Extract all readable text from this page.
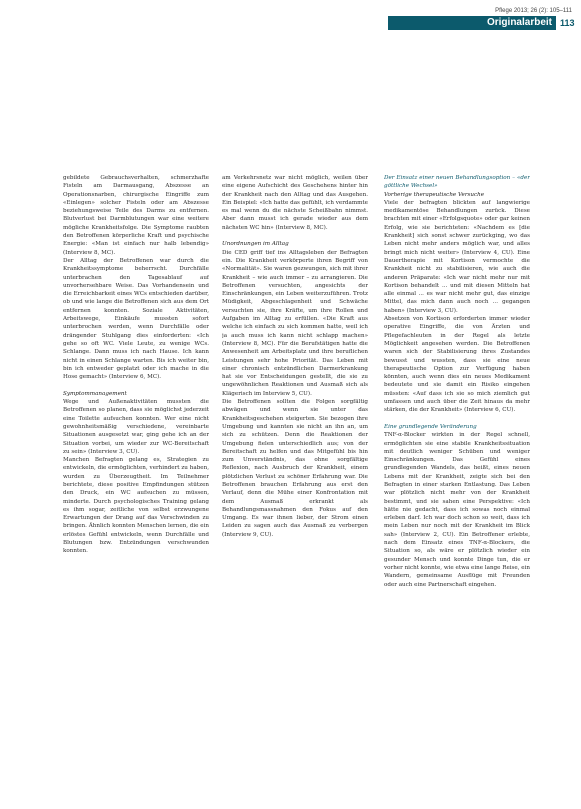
Pflege 2013; 26 (2): 105–111
Originalarbeit 113

gebildete Gebrauchsverhalten, schmerzhafte Fisteln am Darmausgang, Abszesse an Operationsnarben, chirurgische Eingriffe zum «Einlegen» solcher Fisteln oder am Abszesse beziehungsweise Teile des Darms zu entfernen. Blutverlust bei Darmblutungen war eine weitere mögliche Krankheitsfolge. Die Symptome raubten den Betroffenen körperliche Kraft und psychische Energie: «Man ist einfach nur halb lebendig» (Interview 8, MC).

Der Alltag der Betroffenen war durch die Krankheitssymptome beherrscht. Durchfälle unterbrachen den Tagesablauf auf unvorhersehbare Weise. Das Vorhandensein und die Erreichbarkeit eines WCs entschieden darüber, ob und wie lange die Betroffenen sich aus dem Ort entfernen konnten. Soziale Aktivitäten, Arbeitswege, Einkäufe mussten sofort unterbrochen werden, wenn Durchfälle oder drängender Stuhlgang dies einforderten: «Ich gehe so oft WC. Viele Leute, zu wenige WCs. Schlange. Dann muss ich nach Hause. Ich kann nicht in einen Schlange warten. Bis ich weiter bin, bin ich entweder geplatzt oder ich mache in die Hose gemacht» (Interview 6, MC).

Symptommanagement

Wege und Außenaktivitäten mussten die Betroffenen so planen, dass sie möglichst jederzeit eine Toilette aufsuchen konnten. Wer eine nicht gewohnheitsmäßig verschiedene, vereinbarte Situationen ausgesetzt war, ging gehe ich an der Situation vorbei, um wieder zur WC-Bereitschaft zu sein» (Interview 3, CU).

Manchen Befragten gelang es, Strategien zu entwickeln, die ermöglichten, verhindert zu haben, wurden zu Überzeugtheit. Im Teilnehmer berichtete, diese positive Empfindungen stützen den Druck, ein WC aufsuchen zu müssen, minderte. Durch psychologisches Training gelang es ihm sogar, zeitliche von selbst erzwungene Erwartungen der Drang auf das Verschwinden zu bringen. Ähnlich konnten Menschen lernen, die ein erlöstes Gefühl entwickeln, wenn Durchfälle und Blutungen bzw. Entzündungen verschwunden konnten.

am Verkehrsnetz war nicht möglich, weilen über eine eigene Aufschicht des Geschehens hinter hin der Krankheit nach den Alltag und das Ausgehen. Ein Beispiel: «Ich hatte das gefühlt, ich verdammte es mal wenn du die nächste Scheißbahn nimmst. Aber dann musst ich gerade wieder aus dem nächsten WC hin» (Interview 8, MC).

Unordnungen im Alltag

Die CED griff tief ins Alltagsleben der Befragten ein. Die Krankheit verkörperte ihren Begriff von «Normalität». Sie waren gezwungen, sich mit ihrer Krankheit – wie auch immer – zu arrangieren. Die Betroffenen versuchten, angesichts der Einschränkungen, ein Leben weiterzuführen. Trotz Müdigkeit, Abgeschlagenheit und Schwäche versuchten sie, ihre Kräfte, um ihre Rollen und Aufgaben im Alltag zu erfüllen. «Die Kraft aus welche ich einfach zu sich kommen hatte, weil ich ja auch muss ich kann nicht schlapp machen» (Interview 8, MC). Für die Berufstätigen hatte die Anwesenheit am Arbeitsplatz und ihre beruflichen Leistungen sehr hohe Priorität. Das Leben mit einer chronisch entzündlichen Darmerkrankung hat sie vor Entscheidungen gestellt, die sie zu ungewöhnlichen Reaktionen und Ausmaß sich als Klägerisch im Interview 5, CU).

Die Betroffenen sollten die Folgen sorgfältig abwägen und wenn sie unter das Krankheitsgeschehen steigerten. Sie bezogen ihre Umgebung und kannten sie nicht an ihn an, um sich zu schützen. Denn die Reaktionen der Umgebung fielen unterschiedlich aus; von der Bereitschaft zu helfen und das Mitgefühl bis hin zum Unverständnis, das ohne sorgfältige Reflexion, nach Ausbruch der Krankheit, einem plötzlichen Verlust zu schöner Erfahrung war. Die Betroffenen brauchen Erfahrung aus erst den Verlauf, denn die Mühe einer Konfrontation mit dem Ausmaß erkrankt als Behandlungsmassnahmen den Fokus auf den Umgang. Es war ihnen lieber, der Strom einen Leiden zu sagen auch das Ausmaß zu verbergen (Interview 9, CU).

Der Einsatz einer neuen Behandlungsoption – «der göttliche Wechsel»
Vorherige therapeutische Versuche

Viele der befragten blickten auf langwierige medikamentöse Behandlungen zurück. Diese brachten mit einer «Erfolgsquote» oder gar keinen Erfolg, wie sie berichteten: «Nachdem es [die Krankheit] sich sonst schwer zurückging, wo das Leben nicht mehr anders möglich war, und alles bringt mich nicht weiter» (Interview 4, CU). Eine Dauertherapie mit Kortison vermochte die Krankheit nicht zu stabilisieren, wie auch die anderen Präparate: «Ich war nicht mehr nur mit Kortison behandelt ... und mit diesen Mitteln hat alle einmal ... es war nicht mehr gut, das einzige Mittel, das mich dann auch noch ... gegangen haben» (Interview 3, CU).

Absetzen von Kortison erforderten immer wieder operative Eingriffe, die von Ärzten und Pflegefachleuten in der Regel als letzte Möglichkeit angesehen werden. Die Betroffenen waren sich der Stabilisierung ihres Zustandes bewusst und wussten, dass sie eine neue therapeutische Option zur Verfügung haben könnten, auch wenn dies ein neues Medikament bedeutete und sie damit ein Risiko eingehen müssten: «Auf dass ich sie so mich ziemlich gut umfassen und auch über die Zeit hinaus da mehr stärken, die der Krankheit» (Interview 6, CU).

Eine grundlegende Veränderung

TNF-α-Blocker wirkten in der Regel schnell, ermöglichten sie eine stabile Krankheitssituation mit deutlich weniger Schüben und weniger Einschränkungen. Das Gefühl eines grundlegenden Wandels, das heißt, eines neuen Lebens mit der Krankheit, zeigte sich bei den Befragten in einer starken Entlastung. Das Leben war plötzlich nicht mehr von der Krankheit bestimmt, und sie sahen eine Perspektive: «Ich hätte nie gedacht, dass ich sowas noch einmal erleben darf. Ich war doch schon so weit, dass ich mein Leben nur noch mit der Krankheit im Blick sah» (Interview 2, CU). Ein Betroffener erlebte, nach dem Einsatz eines TNF-α-Blockers, die Situation so, als wäre er plötzlich wieder ein gesunder Mensch und konnte Dinge tun, die er vorher nicht konnte, wie etwa eine lange Reise, ein Wandern, gemeinsame Ausflüge mit Freunden oder auch eine Partnerschaft eingehen.
